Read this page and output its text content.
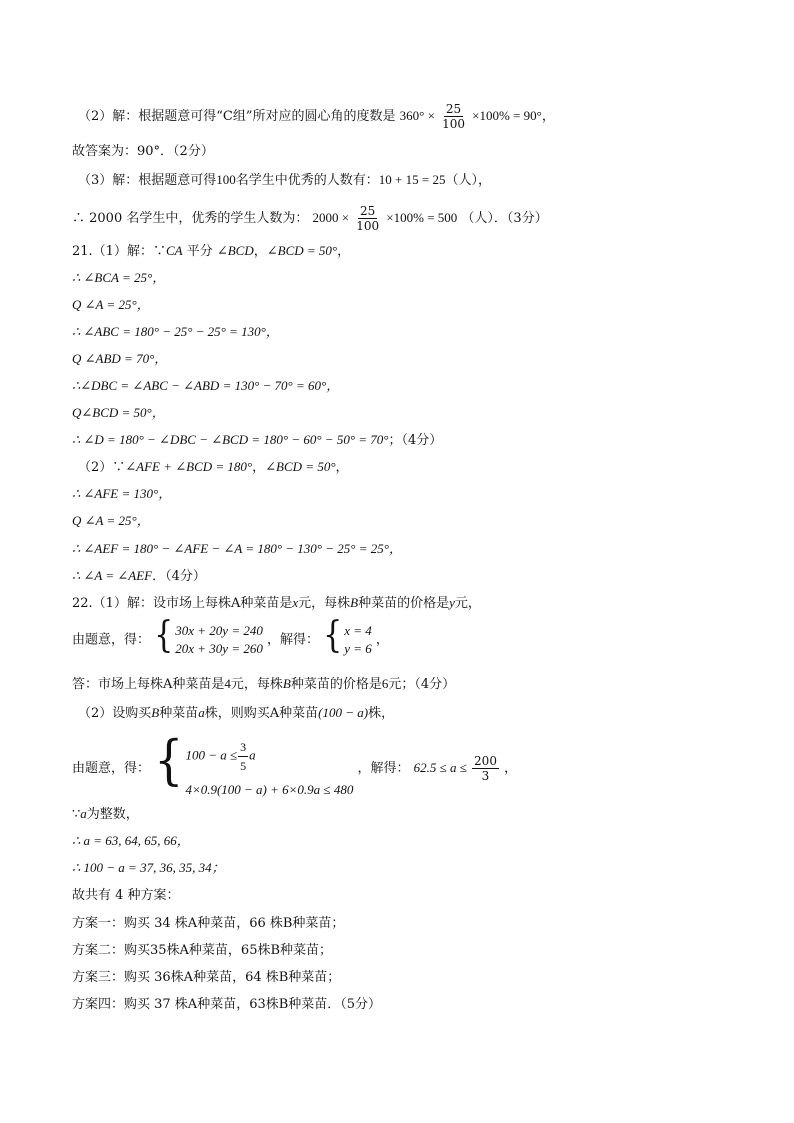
（2）解：根据题意可得“C组”所对应的圆心角的度数是 $360^\circ \times \frac{25}{100} \times 100\% = 90^\circ$，
故答案为：90°．（2分）
（3）解：根据题意可得100名学生中优秀的人数有：10 + 15 = 25（人），
∴ 2000 名学生中，优秀的学生人数为： $2000 \times \frac{25}{100} \times 100\% = 500$ （人）．（3分）
21.（1）解：∵CA 平分 ∠BCD，∠BCD = 50°，
∴ ∠BCA = 25°，
Q ∠A = 25°，
∴ ∠ABC = 180° − 25° − 25° = 130°，
Q ∠ABD = 70°，
∴∠DBC = ∠ABC − ∠ABD = 130° − 70° = 60°，
Q∠BCD = 50°，
∴ ∠D = 180° − ∠DBC − ∠BCD = 180° − 60° − 50° = 70°；（4分）
（2）∵∠AFE + ∠BCD = 180°，∠BCD = 50°，
∴ ∠AFE = 130°，
Q ∠A = 25°，
∴ ∠AEF = 180° − ∠AFE − ∠A = 180° − 130° − 25° = 25°，
∴ ∠A = ∠AEF．（4分）
22.（1）解：设市场上每株A种菜苗是x元，每株B种菜苗的价格是y元，
由题意，得： { 30x + 20y = 240
20x + 30y = 260
，解得： { x = 4
y = 6
，
答：市场上每株A种菜苗是4元，每株B种菜苗的价格是6元；（4分）
（2）设购买B种菜苗a株，则购买A种菜苗(100 − a)株，
由题意，得： { $100 - a \le \frac{3}{5}$ a
4×0.9(100 − a) + 6×0.9a ≤ 480
，解得： $62.5 \le a \le \frac{200}{3}$ ，
∵a为整数，
∴ a = 63, 64, 65, 66，
∴ 100 − a = 37, 36, 35, 34；
故共有 4 种方案：
方案一：购买 34 株A种菜苗，66 株B种菜苗；
方案二：购买35株A种菜苗，65株B种菜苗；
方案三：购买 36株A种菜苗，64 株B种菜苗；
方案四：购买 37 株A种菜苗，63株B种菜苗．（5分）
